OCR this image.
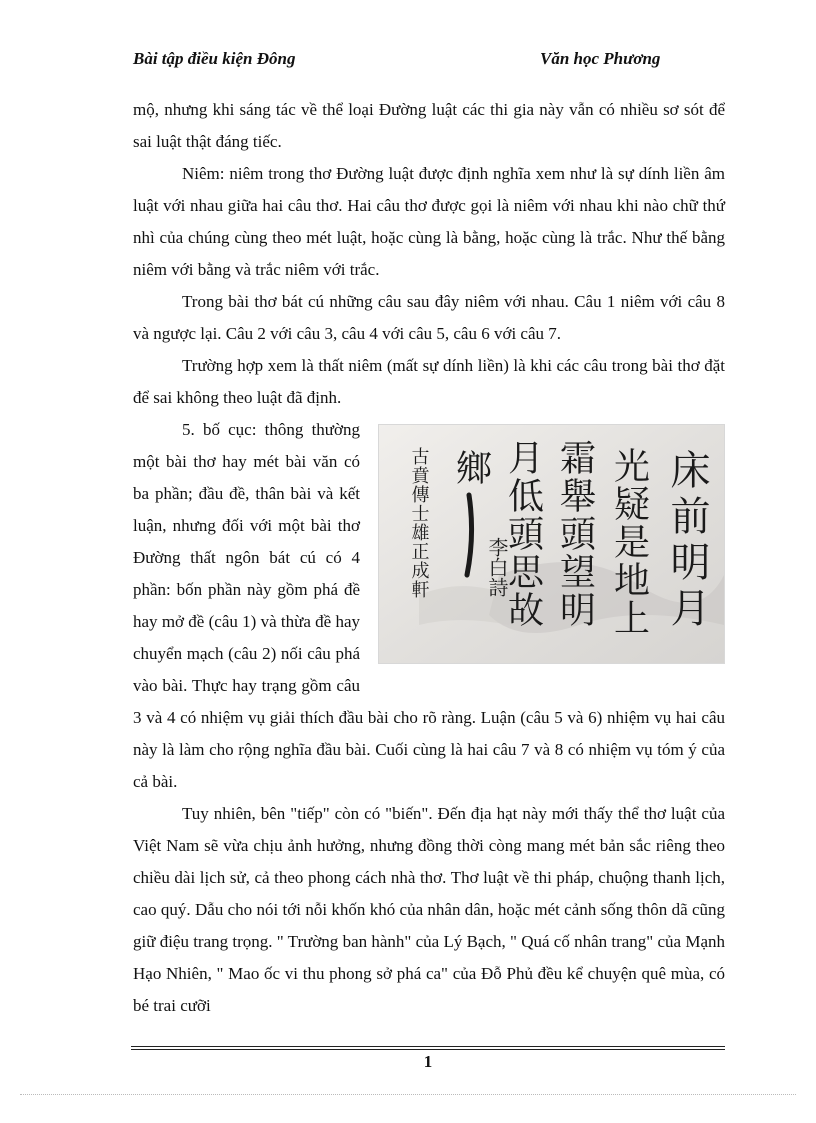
Bài tập điều kiện Đông	Văn học Phương

mộ, nhưng khi sáng tác về thể loại Đường luật các thi gia này vẫn có nhiều sơ sót để sai luật thật đáng tiếc.

Niêm: niêm trong thơ Đường luật được định nghĩa xem như là sự dính liền âm luật với nhau giữa hai câu thơ. Hai câu thơ được gọi là niêm với nhau khi nào chữ thứ nhì của chúng cùng theo mét luật, hoặc cùng là bằng, hoặc cùng là trắc. Như thế bằng niêm với bằng và trắc niêm với trắc.

Trong bài thơ bát cú những câu sau đây niêm với nhau. Câu 1 niêm với câu 8 và ngược lại. Câu 2 với câu 3, câu 4 với câu 5, câu 6 với câu 7.

Trường hợp xem là thất niêm (mất sự dính liền) là khi các câu trong bài thơ đặt để sai không theo luật đã định.

床前明月
光疑是地上
霜舉頭望明
月低頭思故
鄉
李白詩
古賁傳士雄正成軒

5. bố cục: thông thường một bài thơ hay mét bài văn có ba phần; đầu đề, thân bài và kết luận, nhưng đối với một bài thơ Đường thất ngôn bát cú có 4 phần: bốn phần này gồm phá đề hay mở đề (câu 1) và thừa đề hay chuyển mạch (câu 2) nối câu phá vào bài. Thực hay trạng gồm câu 3 và 4 có nhiệm vụ giải thích đầu bài cho rõ ràng. Luận (câu 5 và 6) nhiệm vụ hai câu này là làm cho rộng nghĩa đầu bài. Cuối cùng là hai câu 7 và 8 có nhiệm vụ tóm ý của cả bài.

Tuy nhiên, bên "tiếp" còn có "biến". Đến địa hạt này mới thấy thể thơ luật của Việt Nam sẽ vừa chịu ảnh hưởng, nhưng đồng thời còng mang mét bản sắc riêng theo chiều dài lịch sử, cả theo phong cách nhà thơ. Thơ luật về thi pháp, chuộng thanh lịch, cao quý. Dẫu cho nói tới nỗi khốn khó của nhân dân, hoặc mét cảnh sống thôn dã cũng giữ điệu trang trọng. " Trường ban hành" của Lý Bạch, " Quá cố nhân trang" của Mạnh Hạo Nhiên, " Mao ốc vi thu phong sở phá ca" của Đỗ Phủ đều kể chuyện quê mùa, có bé trai cưỡi

1
